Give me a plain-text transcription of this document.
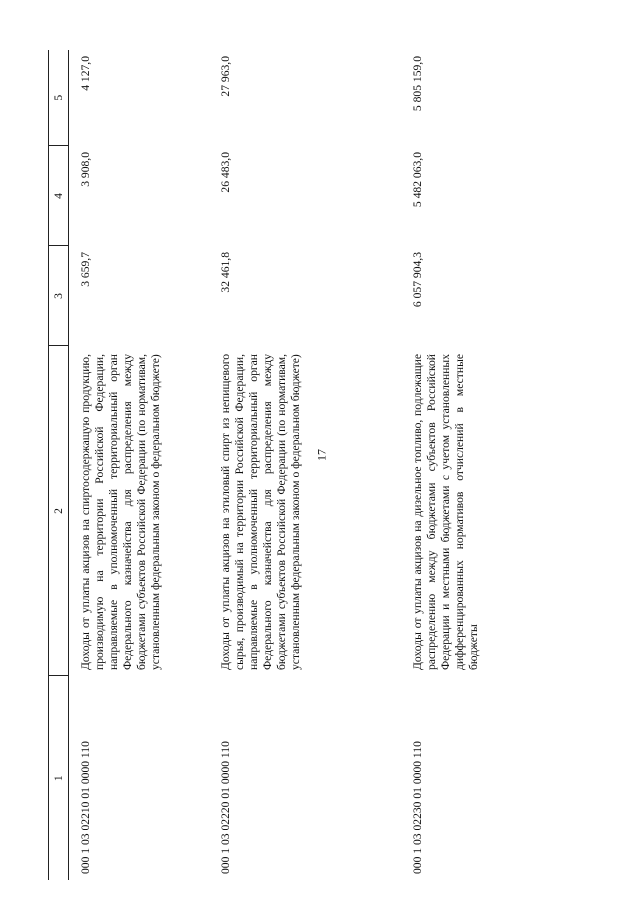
17
1	2	3	4	5
000 1 03 02210 01 0000 110	Доходы от уплаты акцизов на спиртосодержащую продукцию, производимую на территории Российской Федерации, направляемые в уполномоченный территориальный орган Федерального казначейства для распределения между бюджетами субъектов Российской Федерации (по нормативам, установленным федеральным законом о федеральном бюджете)	3 659,7	3 908,0	4 127,0
000 1 03 02220 01 0000 110	Доходы от уплаты акцизов на этиловый спирт из непищевого сырья, производимый на территории Российской Федерации, направляемые в уполномоченный территориальный орган Федерального казначейства для распределения между бюджетами субъектов Российской Федерации (по нормативам, установленным федеральным законом о федеральном бюджете)	32 461,8	26 483,0	27 963,0
000 1 03 02230 01 0000 110	Доходы от уплаты акцизов на дизельное топливо, подлежащие распределению между бюджетами субъектов Российской Федерации и местными бюджетами с учетом установленных дифференцированных нормативов отчислений в местные бюджеты	6 057 904,3	5 482 063,0	5 805 159,0
